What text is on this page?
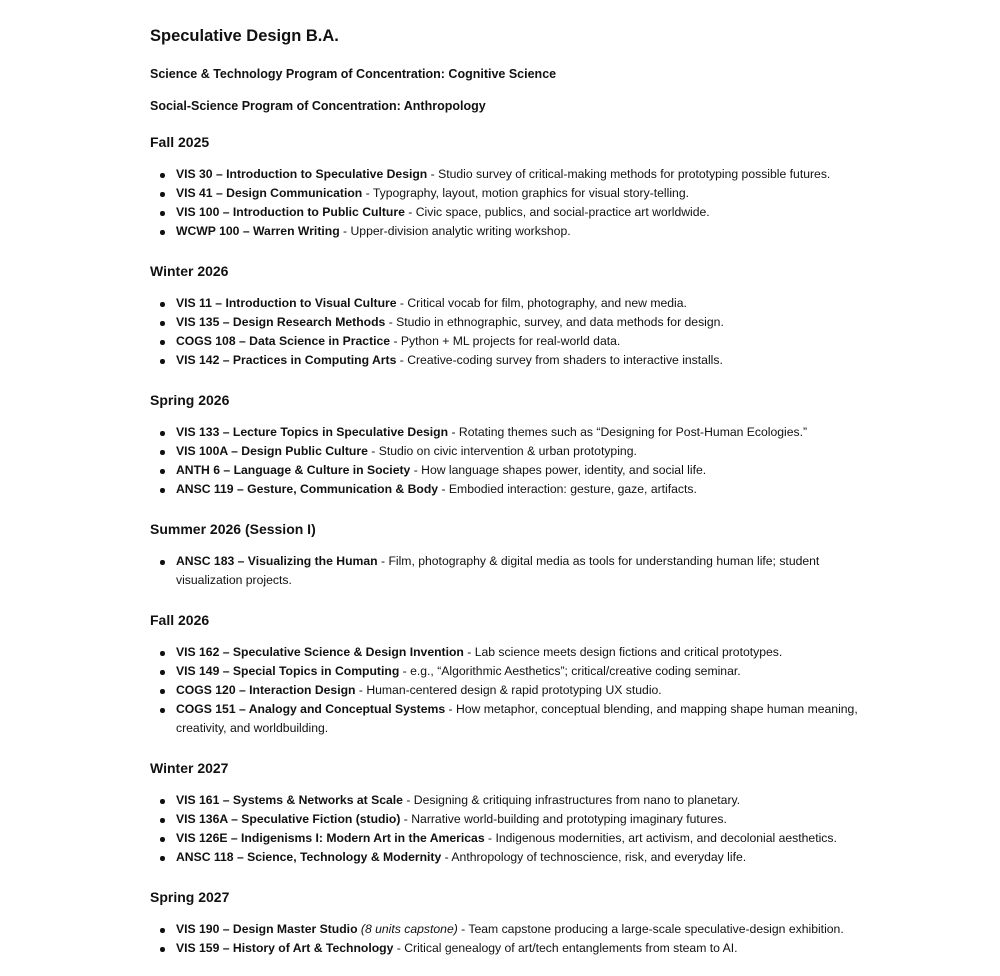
Speculative Design B.A.
Science & Technology Program of Concentration: Cognitive Science
Social-Science Program of Concentration: Anthropology
Fall 2025
VIS 30 – Introduction to Speculative Design - Studio survey of critical-making methods for prototyping possible futures.
VIS 41 – Design Communication - Typography, layout, motion graphics for visual story-telling.
VIS 100 – Introduction to Public Culture - Civic space, publics, and social-practice art worldwide.
WCWP 100 – Warren Writing - Upper-division analytic writing workshop.
Winter 2026
VIS 11 – Introduction to Visual Culture - Critical vocab for film, photography, and new media.
VIS 135 – Design Research Methods - Studio in ethnographic, survey, and data methods for design.
COGS 108 – Data Science in Practice - Python + ML projects for real-world data.
VIS 142 – Practices in Computing Arts - Creative-coding survey from shaders to interactive installs.
Spring 2026
VIS 133 – Lecture Topics in Speculative Design - Rotating themes such as “Designing for Post-Human Ecologies.”
VIS 100A – Design Public Culture - Studio on civic intervention & urban prototyping.
ANTH 6 – Language & Culture in Society - How language shapes power, identity, and social life.
ANSC 119 – Gesture, Communication & Body - Embodied interaction: gesture, gaze, artifacts.
Summer 2026 (Session I)
ANSC 183 – Visualizing the Human - Film, photography & digital media as tools for understanding human life; student visualization projects.
Fall 2026
VIS 162 – Speculative Science & Design Invention - Lab science meets design fictions and critical prototypes.
VIS 149 – Special Topics in Computing - e.g., “Algorithmic Aesthetics”; critical/creative coding seminar.
COGS 120 – Interaction Design - Human-centered design & rapid prototyping UX studio.
COGS 151 – Analogy and Conceptual Systems - How metaphor, conceptual blending, and mapping shape human meaning, creativity, and worldbuilding.
Winter 2027
VIS 161 – Systems & Networks at Scale - Designing & critiquing infrastructures from nano to planetary.
VIS 136A – Speculative Fiction (studio) - Narrative world-building and prototyping imaginary futures.
VIS 126E – Indigenisms I: Modern Art in the Americas - Indigenous modernities, art activism, and decolonial aesthetics.
ANSC 118 – Science, Technology & Modernity - Anthropology of technoscience, risk, and everyday life.
Spring 2027
VIS 190 – Design Master Studio (8 units capstone) - Team capstone producing a large-scale speculative-design exhibition.
VIS 159 – History of Art & Technology - Critical genealogy of art/tech entanglements from steam to AI.
